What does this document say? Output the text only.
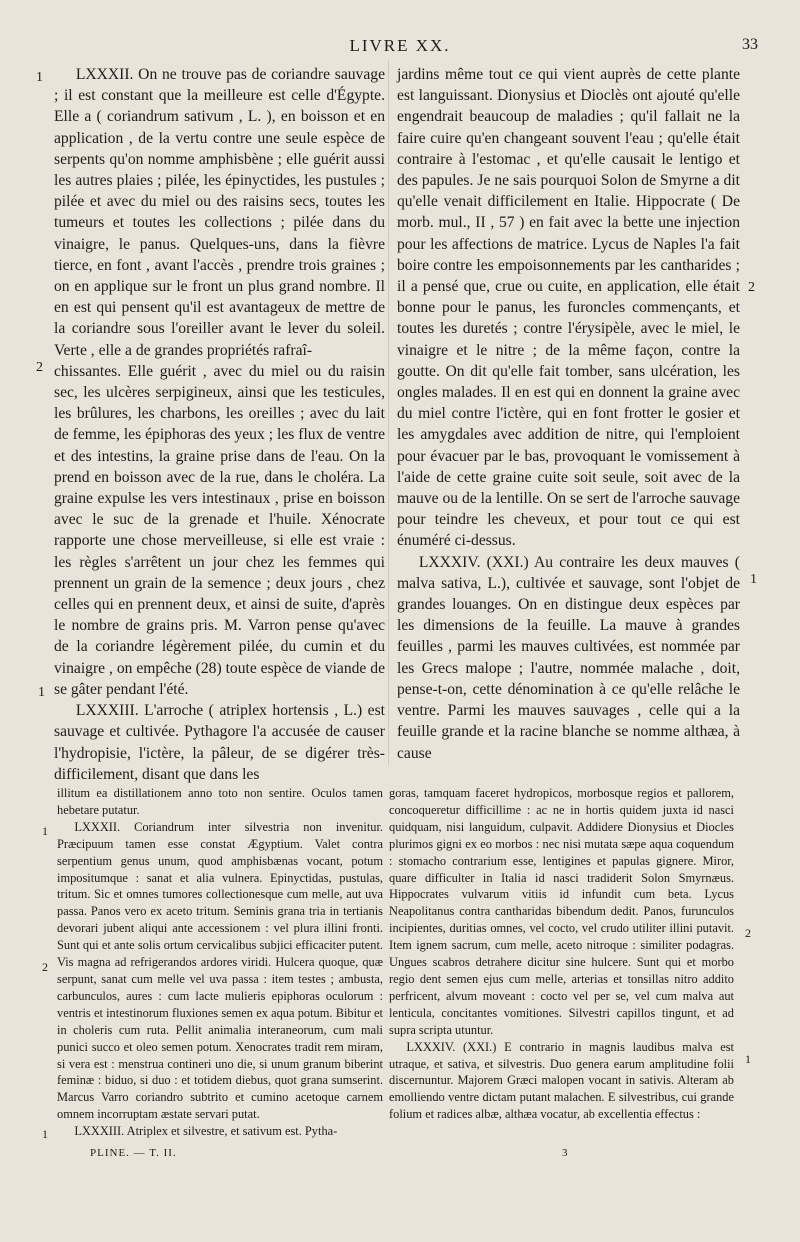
LIVRE XX.	33

LXXXII. On ne trouve pas de coriandre sauvage ; il est constant que la meilleure est celle d'Égypte. Elle a ( coriandrum sativum , L. ), en boisson et en application , de la vertu contre une seule espèce de serpents qu'on nomme amphisbène ; elle guérit aussi les autres plaies ; pilée, les épinyctides, les pustules ; pilée et avec du miel ou des raisins secs, toutes les tumeurs et toutes les collections ; pilée dans du vinaigre, le panus. Quelques-uns, dans la fièvre tierce, en font , avant l'accès , prendre trois graines ; on en applique sur le front un plus grand nombre. Il en est qui pensent qu'il est avantageux de mettre de la coriandre sous l'oreiller avant le lever du soleil. Verte , elle a de grandes propriétés rafraî-

chissantes. Elle guérit , avec du miel ou du raisin sec, les ulcères serpigineux, ainsi que les testicules, les brûlures, les charbons, les oreilles ; avec du lait de femme, les épiphoras des yeux ; les flux de ventre et des intestins, la graine prise dans de l'eau. On la prend en boisson avec de la rue, dans le choléra. La graine expulse les vers intestinaux , prise en boisson avec le suc de la grenade et l'huile. Xénocrate rapporte une chose merveilleuse, si elle est vraie : les règles s'arrêtent un jour chez les femmes qui prennent un grain de la semence ; deux jours , chez celles qui en prennent deux, et ainsi de suite, d'après le nombre de grains pris. M. Varron pense qu'avec de la coriandre légèrement pilée, du cumin et du vinaigre , on empêche (28) toute espèce de viande de se gâter pendant l'été.

LXXXIII. L'arroche ( atriplex hortensis , L.) est sauvage et cultivée. Pythagore l'a accusée de causer l'hydropisie, l'ictère, la pâleur, de se digérer très-difficilement, disant que dans les

jardins même tout ce qui vient auprès de cette plante est languissant. Dionysius et Dioclès ont ajouté qu'elle engendrait beaucoup de maladies ; qu'il fallait ne la faire cuire qu'en changeant souvent l'eau ; qu'elle était contraire à l'estomac , et qu'elle causait le lentigo et des papules. Je ne sais pourquoi Solon de Smyrne a dit qu'elle venait difficilement en Italie. Hippocrate ( De morb. mul., II , 57 ) en fait avec la bette une injection pour les affections de matrice. Lycus de Naples l'a fait boire contre les empoisonnements par les cantharides ; il a pensé que, crue ou cuite, en application, elle était bonne pour le panus, les furoncles commençants, et toutes les duretés ; contre l'érysipèle, avec le miel, le vinaigre et le nitre ; de la même façon, contre la goutte. On dit qu'elle fait tomber, sans ulcération, les ongles malades. Il en est qui en donnent la graine avec du miel contre l'ictère, qui en font frotter le gosier et les amygdales avec addition de nitre, qui l'emploient pour évacuer par le bas, provoquant le vomissement à l'aide de cette graine cuite soit seule, soit avec de la mauve ou de la lentille. On se sert de l'arroche sauvage pour teindre les cheveux, et pour tout ce qui est énuméré ci-dessus.

LXXXIV. (XXI.) Au contraire les deux mauves ( malva sativa, L.), cultivée et sauvage, sont l'objet de grandes louanges. On en distingue deux espèces par les dimensions de la feuille. La mauve à grandes feuilles , parmi les mauves cultivées, est nommée par les Grecs malope ; l'autre, nommée malache , doit, pense-t-on, cette dénomination à ce qu'elle relâche le ventre. Parmi les mauves sauvages , celle qui a la feuille grande et la racine blanche se nomme althæa, à cause

illitum ea distillationem anno toto non sentire. Oculos tamen hebetare putatur.

LXXXII. Coriandrum inter silvestria non invenitur. Præcipuum tamen esse constat Ægyptium. Valet contra serpentium genus unum, quod amphisbænas vocant, potum impositumque : sanat et alia vulnera. Epinyctidas, pustulas, tritum. Sic et omnes tumores collectionesque cum melle, aut uva passa. Panos vero ex aceto tritum. Seminis grana tria in tertianis devorari jubent aliqui ante accessionem : vel plura illini fronti. Sunt qui et ante solis ortum cervicalibus subjici efficaciter putent. Vis magna ad refrigerandos ardores viridi. Hulcera quoque, quæ serpunt, sanat cum melle vel uva passa : item testes ; ambusta, carbunculos, aures : cum lacte mulieris epiphoras oculorum : ventris et intestinorum fluxiones semen ex aqua potum. Bibitur et in choleris cum ruta. Pellit animalia interaneorum, cum mali punici succo et oleo semen potum. Xenocrates tradit rem miram, si vera est : menstrua contineri uno die, si unum granum biberint feminæ : biduo, si duo : et totidem diebus, quot grana sumserint. Marcus Varro coriandro subtrito et cumino acetoque carnem omnem incorruptam æstate servari putat.

LXXXIII. Atriplex et silvestre, et sativum est. Pytha-

goras, tamquam faceret hydropicos, morbosque regios et pallorem, concoqueretur difficillime : ac ne in hortis quidem juxta id nasci quidquam, nisi languidum, culpavit. Addidere Dionysius et Diocles plurimos gigni ex eo morbos : nec nisi mutata sæpe aqua coquendum : stomacho contrarium esse, lentigines et papulas gignere. Miror, quare difficulter in Italia id nasci tradiderit Solon Smyrnæus. Hippocrates vulvarum vitiis id infundit cum beta. Lycus Neapolitanus contra cantharidas bibendum dedit. Panos, furunculos incipientes, duritias omnes, vel cocto, vel crudo utiliter illini putavit. Item ignem sacrum, cum melle, aceto nitroque : similiter podagras. Ungues scabros detrahere dicitur sine hulcere. Sunt qui et morbo regio dent semen ejus cum melle, arterias et tonsillas nitro addito perfricent, alvum moveant : cocto vel per se, vel cum malva aut lenticula, concitantes vomitiones. Silvestri capillos tingunt, et ad supra scripta utuntur.

LXXXIV. (XXI.) E contrario in magnis laudibus malva est utraque, et sativa, et silvestris. Duo genera earum amplitudine folii discernuntur. Majorem Græci malopen vocant in sativis. Alteram ab emolliendo ventre dictam putant malachen. E silvestribus, cui grande folium et radices albæ, althæa vocatur, ab excellentia effectus :

1
2
1
2
1
1
2
1
2
1
PLINE. — T. II.	3
